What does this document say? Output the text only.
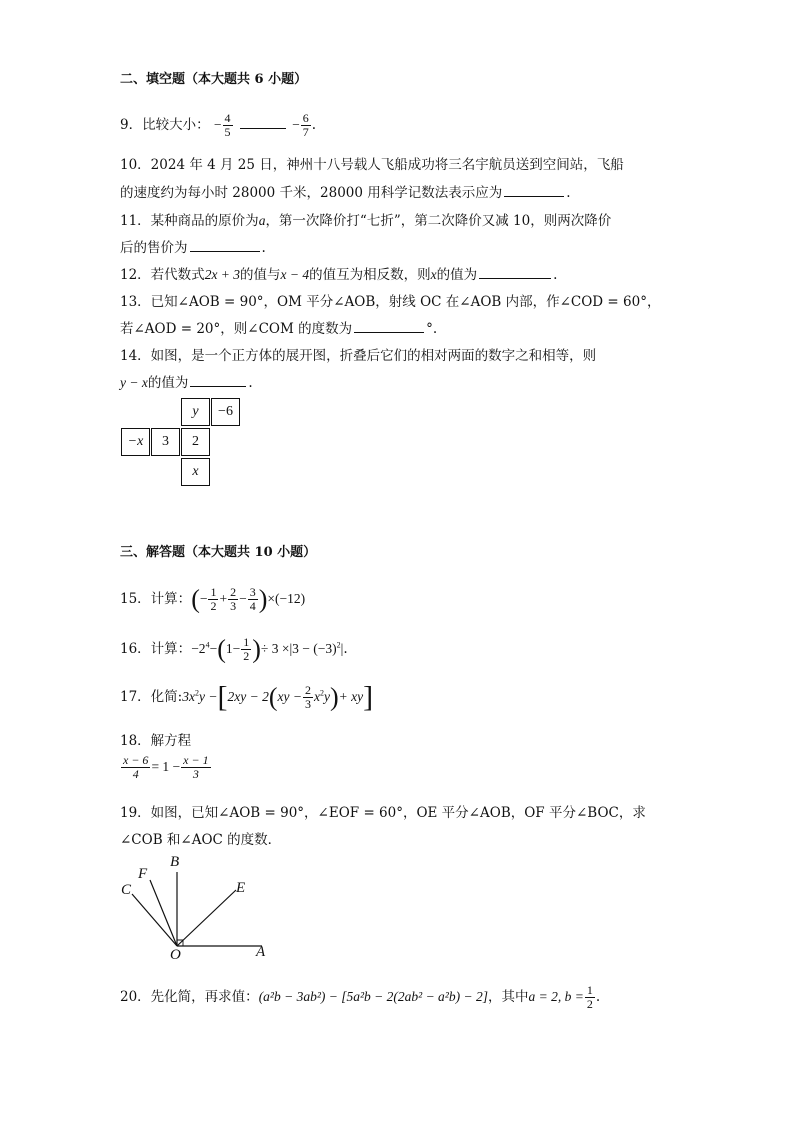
二、填空题（本大题共 6 小题）
9．比较大小： − $\frac{4}{5}$	− $\frac{6}{7}$ .
10．2024 年 4 月 25 日，神州十八号载人飞船成功将三名宇航员送到空间站，飞船
的速度约为每小时 28000 千米，28000 用科学记数法表示应为	.
11．某种商品的原价为a，第一次降价打“七折”，第二次降价又减 10，则两次降价
后的售价为	.
12．若代数式2x + 3的值与x − 4的值互为相反数，则x的值为	.
13．已知∠AOB = 90°，OM 平分∠AOB，射线 OC 在∠AOB 内部，作∠COD = 60°，
若∠AOD = 20°，则∠COM 的度数为	°.
14．如图，是一个正方体的展开图，折叠后它们的相对两面的数字之和相等，则
y − x的值为	.
y	−6
−x	3	2
x
三、解答题（本大题共 10 小题）
15．计算：(− $\frac{1}{2} + \frac{2}{3} - \frac{3}{4} )\times(-12)$
16．计算：$-2^4-(1- \frac{1}{2}$ )÷ $3 \times|3 - (-3)^2|$.
17．化简$:3x^2y -[2xy - 2(xy - \frac{2}{3} x^2y)+ xy]$
18．解方程
$\frac{x - 6}{4} = 1 - \frac{x - 1}{3}$
19．如图，已知∠AOB = 90°，∠EOF = 60°，OE 平分∠AOB，OF 平分∠BOC，求
∠COB 和∠AOC 的度数．
B
F
C	E
O	A
20．先化简，再求值：(a²b − 3ab²) − [5a²b − 2(2ab² − a²b) − 2]，其中a = 2, $b = \frac{1}{2}$ .
